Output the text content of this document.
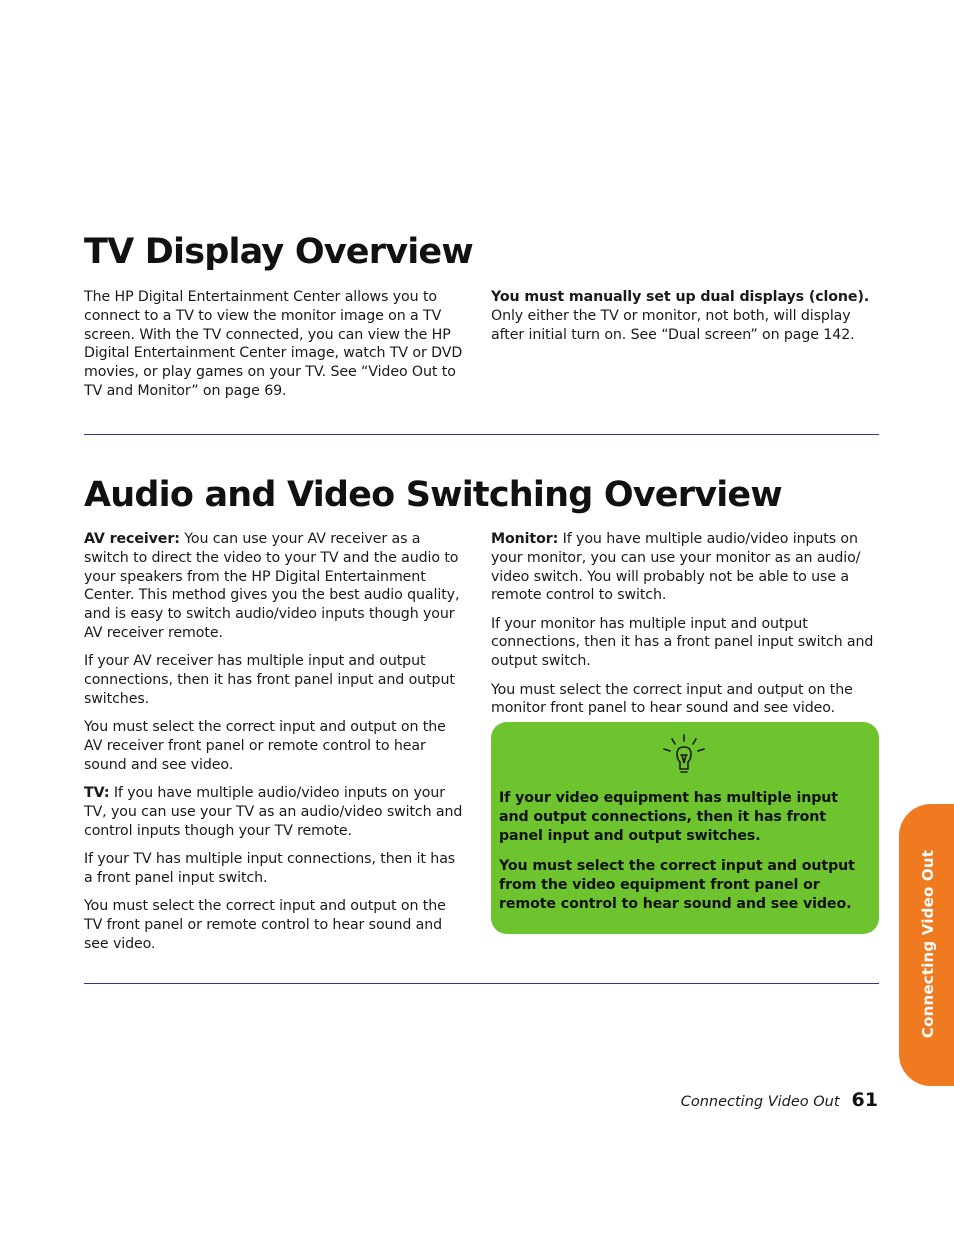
TV Display Overview

The HP Digital Entertainment Center allows you to connect to a TV to view the monitor image on a TV screen. With the TV connected, you can view the HP Digital Entertainment Center image, watch TV or DVD movies, or play games on your TV. See “Video Out to TV and Monitor” on page 69.

You must manually set up dual displays (clone).
Only either the TV or monitor, not both, will display after initial turn on. See “Dual screen” on page 142.

Audio and Video Switching Overview

AV receiver: You can use your AV receiver as a switch to direct the video to your TV and the audio to your speakers from the HP Digital Entertainment Center. This method gives you the best audio quality, and is easy to switch audio/video inputs though your AV receiver remote.

If your AV receiver has multiple input and output connections, then it has front panel input and output switches.

You must select the correct input and output on the AV receiver front panel or remote control to hear sound and see video.

TV: If you have multiple audio/video inputs on your TV, you can use your TV as an audio/video switch and control inputs though your TV remote.

If your TV has multiple input connections, then it has a front panel input switch.

You must select the correct input and output on the TV front panel or remote control to hear sound and see video.

Monitor: If you have multiple audio/video inputs on your monitor, you can use your monitor as an audio/ video switch. You will probably not be able to use a remote control to switch.

If your monitor has multiple input and output connections, then it has a front panel input switch and output switch.

You must select the correct input and output on the monitor front panel to hear sound and see video.

If your video equipment has multiple input and output connections, then it has front panel input and output switches.

You must select the correct input and output from the video equipment front panel or remote control to hear sound and see video.	Connecting Video Out
Connecting Video Out 61
